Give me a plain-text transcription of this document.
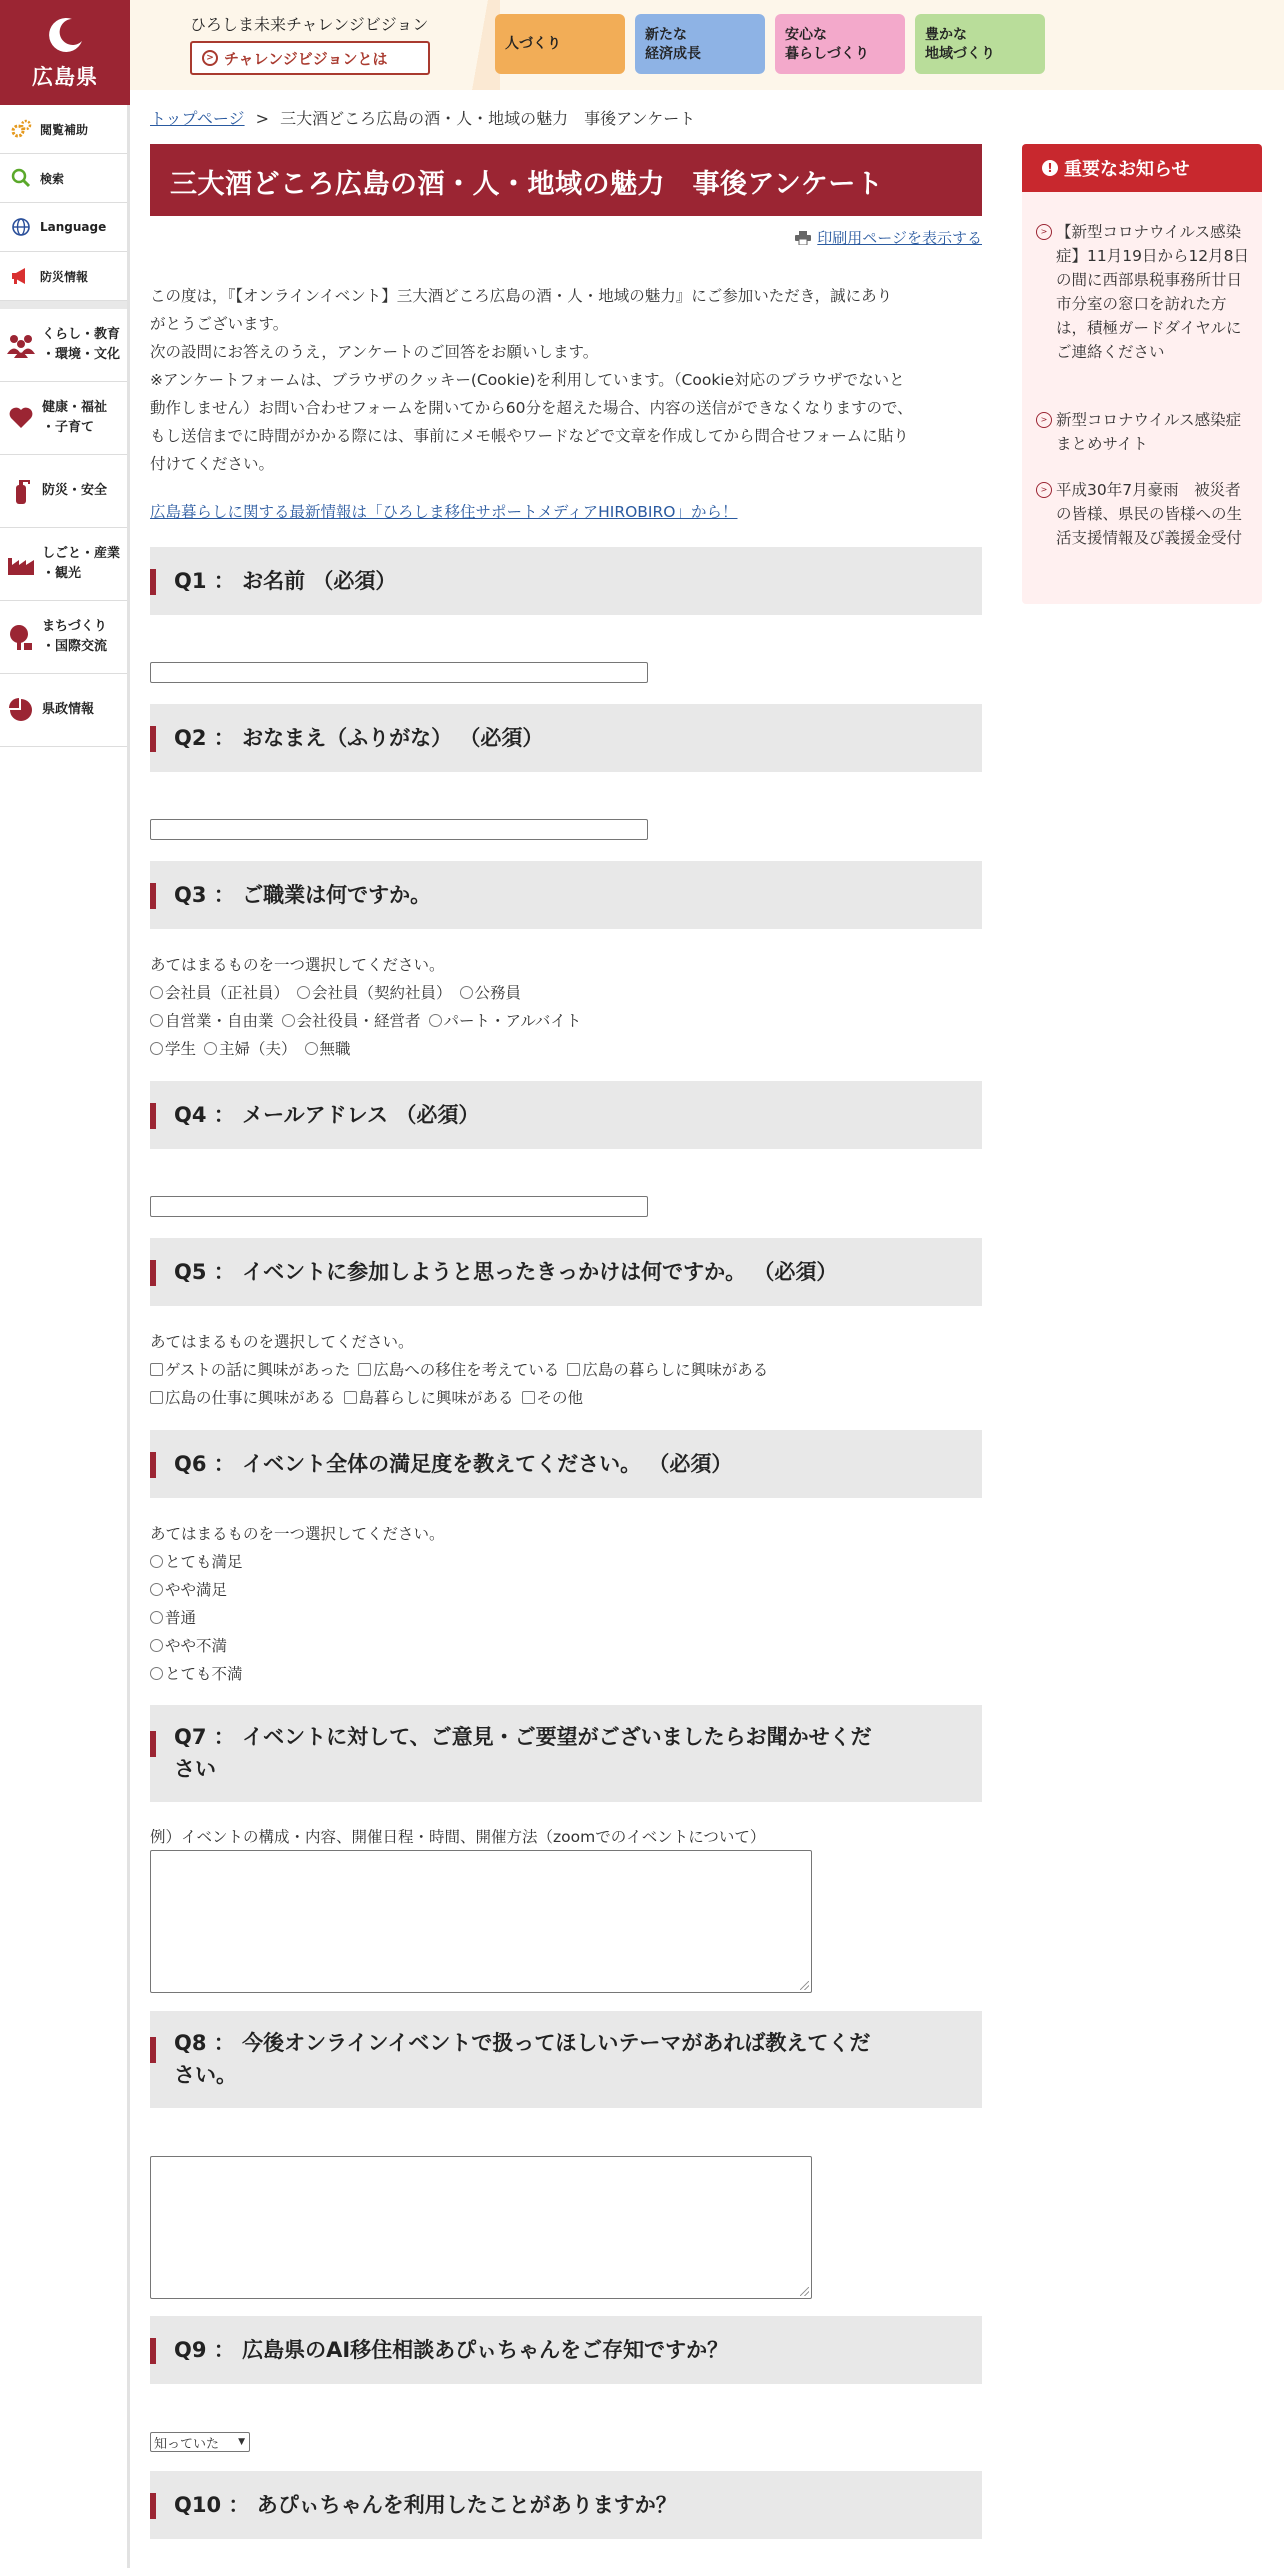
広島県
閲覧補助
検索
Language
防災情報
くらし・教育
・環境・文化
健康・福祉
・子育て
防災・安全
しごと・産業
・観光
まちづくり
・国際交流
県政情報
ひろしま未来チャレンジビジョン
> チャレンジビジョンとは
人づくり
新たな
経済成長
安心な
暮らしづくり
豊かな
地域づくり
トップページ > 三大酒どころ広島の酒・人・地域の魅力　事後アンケート
三大酒どころ広島の酒・人・地域の魅力　事後アンケート
印刷用ページを表示する

この度は，『【オンラインイベント】三大酒どころ広島の酒・人・地域の魅力』にご参加いただき，誠にあり

がとうございます。

次の設問にお答えのうえ，アンケートのご回答をお願いします。

※アンケートフォームは、ブラウザのクッキー(Cookie)を利用しています。（Cookie対応のブラウザでないと

動作しません）お問い合わせフォームを開いてから60分を超えた場合、内容の送信ができなくなりますので、

もし送信までに時間がかかる際には、事前にメモ帳やワードなどで文章を作成してから問合せフォームに貼り

付けてください。

広島暮らしに関する最新情報は「ひろしま移住サポートメディアHIROBIRO」から！
Q1 ： お名前 （必須）
Q2 ： おなまえ（ふりがな） （必須）
Q3 ： ご職業は何ですか。
あてはまるものを一つ選択してください。
会社員（正社員） 会社員（契約社員） 公務員
自営業・自由業 会社役員・経営者 パート・アルバイト
学生 主婦（夫） 無職
Q4 ： メールアドレス （必須）
Q5 ： イベントに参加しようと思ったきっかけは何ですか。 （必須）
あてはまるものを選択してください。
ゲストの話に興味があった 広島への移住を考えている 広島の暮らしに興味がある
広島の仕事に興味がある 島暮らしに興味がある その他
Q6 ： イベント全体の満足度を教えてください。 （必須）
あてはまるものを一つ選択してください。
とても満足
やや満足
普通
やや不満
とても不満
Q7 ： イベントに対して、ご意見・ご要望がございましたらお聞かせくだ
さい
例）イベントの構成・内容、開催日程・時間、開催方法（zoomでのイベントについて）
Q8 ： 今後オンラインイベントで扱ってほしいテーマがあれば教えてくだ
さい。
Q9 ： 広島県のAI移住相談あぴぃちゃんをご存知ですか？
知っていた ▼
Q10 ： あぴぃちゃんを利用したことがありますか？
! 重要なお知らせ
> 【新型コロナウイルス感染症】11月19日から12月8日の間に西部県税事務所廿日市分室の窓口を訪れた方は，積極ガードダイヤルにご連絡ください
> 新型コロナウイルス感染症 まとめサイト
> 平成30年7月豪雨　被災者の皆様、県民の皆様への生活支援情報及び義援金受付
